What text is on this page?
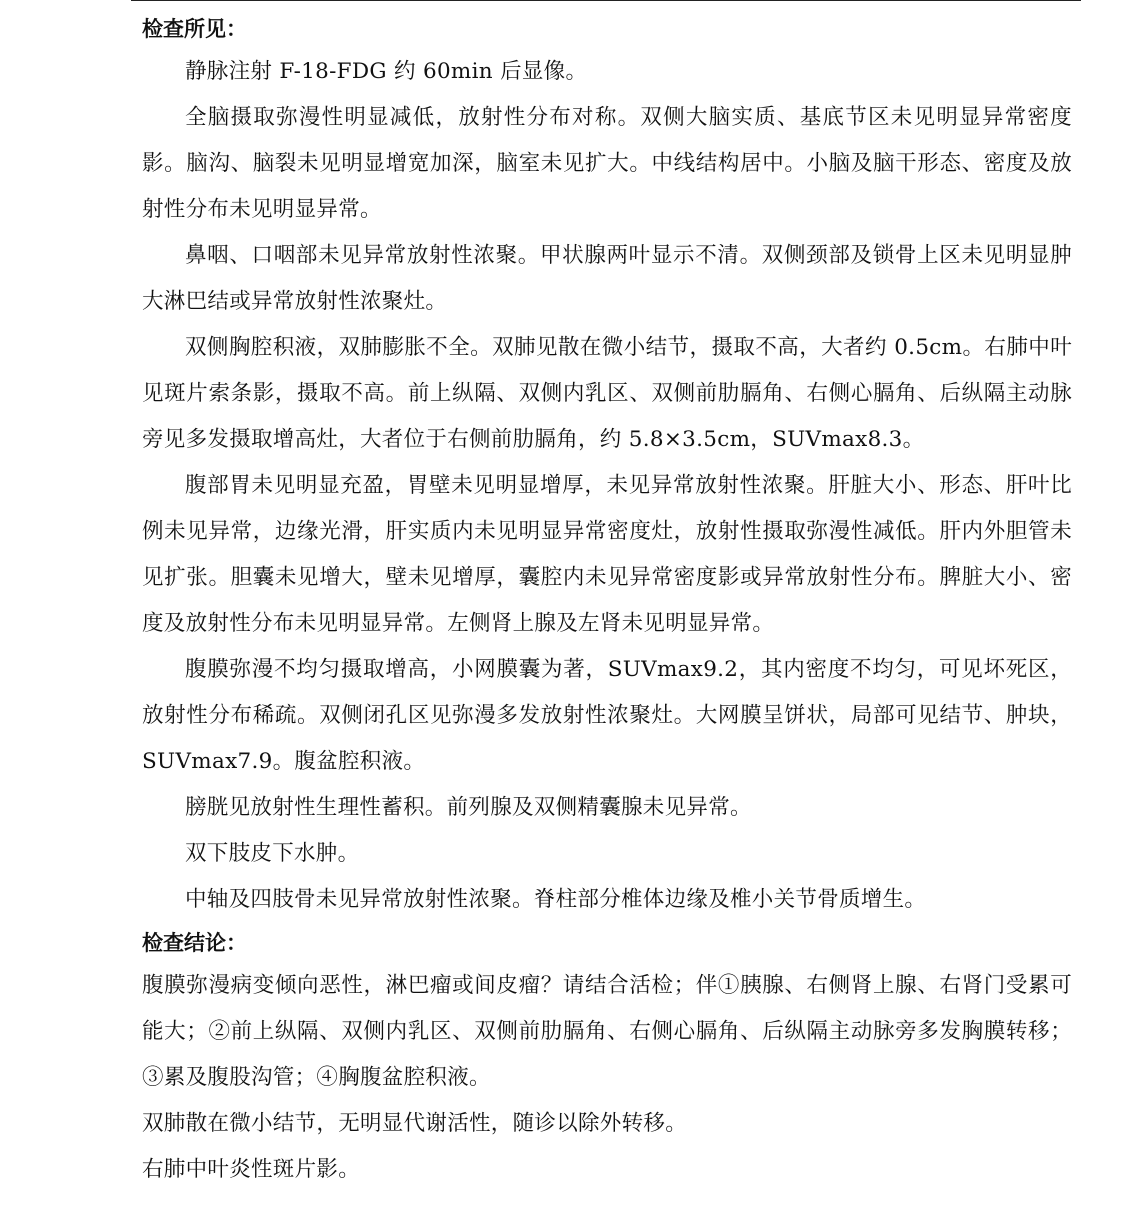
检查所见：

静脉注射 F-18-FDG 约 60min 后显像。

全脑摄取弥漫性明显减低，放射性分布对称。双侧大脑实质、基底节区未见明显异常密度影。脑沟、脑裂未见明显增宽加深，脑室未见扩大。中线结构居中。小脑及脑干形态、密度及放射性分布未见明显异常。

鼻咽、口咽部未见异常放射性浓聚。甲状腺两叶显示不清。双侧颈部及锁骨上区未见明显肿大淋巴结或异常放射性浓聚灶。

双侧胸腔积液，双肺膨胀不全。双肺见散在微小结节，摄取不高，大者约 0.5cm。右肺中叶见斑片索条影，摄取不高。前上纵隔、双侧内乳区、双侧前肋膈角、右侧心膈角、后纵隔主动脉旁见多发摄取增高灶，大者位于右侧前肋膈角，约 5.8×3.5cm，SUVmax8.3。

腹部胃未见明显充盈，胃壁未见明显增厚，未见异常放射性浓聚。肝脏大小、形态、肝叶比例未见异常，边缘光滑，肝实质内未见明显异常密度灶，放射性摄取弥漫性减低。肝内外胆管未见扩张。胆囊未见增大，壁未见增厚，囊腔内未见异常密度影或异常放射性分布。脾脏大小、密度及放射性分布未见明显异常。左侧肾上腺及左肾未见明显异常。

腹膜弥漫不均匀摄取增高，小网膜囊为著，SUVmax9.2，其内密度不均匀，可见坏死区，放射性分布稀疏。双侧闭孔区见弥漫多发放射性浓聚灶。大网膜呈饼状，局部可见结节、肿块，SUVmax7.9。腹盆腔积液。

膀胱见放射性生理性蓄积。前列腺及双侧精囊腺未见异常。

双下肢皮下水肿。

中轴及四肢骨未见异常放射性浓聚。脊柱部分椎体边缘及椎小关节骨质增生。

检查结论：

腹膜弥漫病变倾向恶性，淋巴瘤或间皮瘤？请结合活检；伴①胰腺、右侧肾上腺、右肾门受累可能大；②前上纵隔、双侧内乳区、双侧前肋膈角、右侧心膈角、后纵隔主动脉旁多发胸膜转移；③累及腹股沟管；④胸腹盆腔积液。

双肺散在微小结节，无明显代谢活性，随诊以除外转移。

右肺中叶炎性斑片影。
